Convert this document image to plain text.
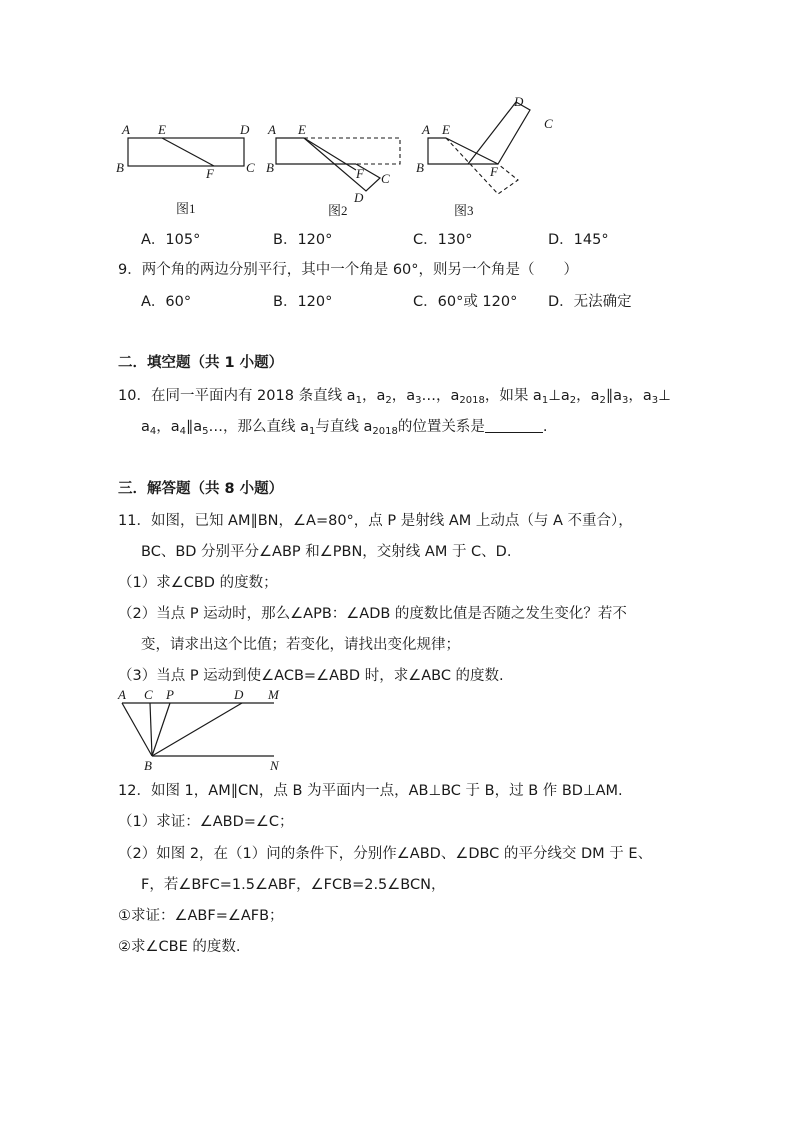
A E	D
B	F C
图1
A E
B	F C
D
图2
A E
D
C
B	F
图3
A．105°	B．120°	C．130°	D．145°
9．两个角的两边分别平行，其中一个角是 60°，则另一个角是（　　）
A．60°	B．120°	C．60°或 120° D．无法确定
二．填空题（共 1 小题）
10．在同一平面内有 2018 条直线 $a_1$，$a_2$，$a_3\dots$，$a_{2018}$，如果 $a_1\perp a_2$，$a_2\parallel a_3$，$a_3\perp$
$a_4$，$a_4\parallel a_5\dots$，那么直线 $a_1$与直线 $a_{2018}$的位置关系是	.
三．解答题（共 8 小题）
11．如图，已知 AM∥BN，∠A=80°，点 P 是射线 AM 上动点（与 A 不重合），
BC、BD 分别平分∠ABP 和∠PBN，交射线 AM 于 C、D.
（1）求∠CBD 的度数；
（2）当点 P 运动时，那么∠APB：∠ADB 的度数比值是否随之发生变化？若不
变，请求出这个比值；若变化，请找出变化规律；
（3）当点 P 运动到使∠ACB=∠ABD 时，求∠ABC 的度数.
A C P	D M
B	N
12．如图 1，AM∥CN，点 B 为平面内一点，AB⊥BC 于 B，过 B 作 BD⊥AM.
（1）求证：∠ABD=∠C；
（2）如图 2，在（1）问的条件下，分别作∠ABD、∠DBC 的平分线交 DM 于 E、
F，若∠BFC=1.5∠ABF，∠FCB=2.5∠BCN，
①求证：∠ABF=∠AFB；
②求∠CBE 的度数.
